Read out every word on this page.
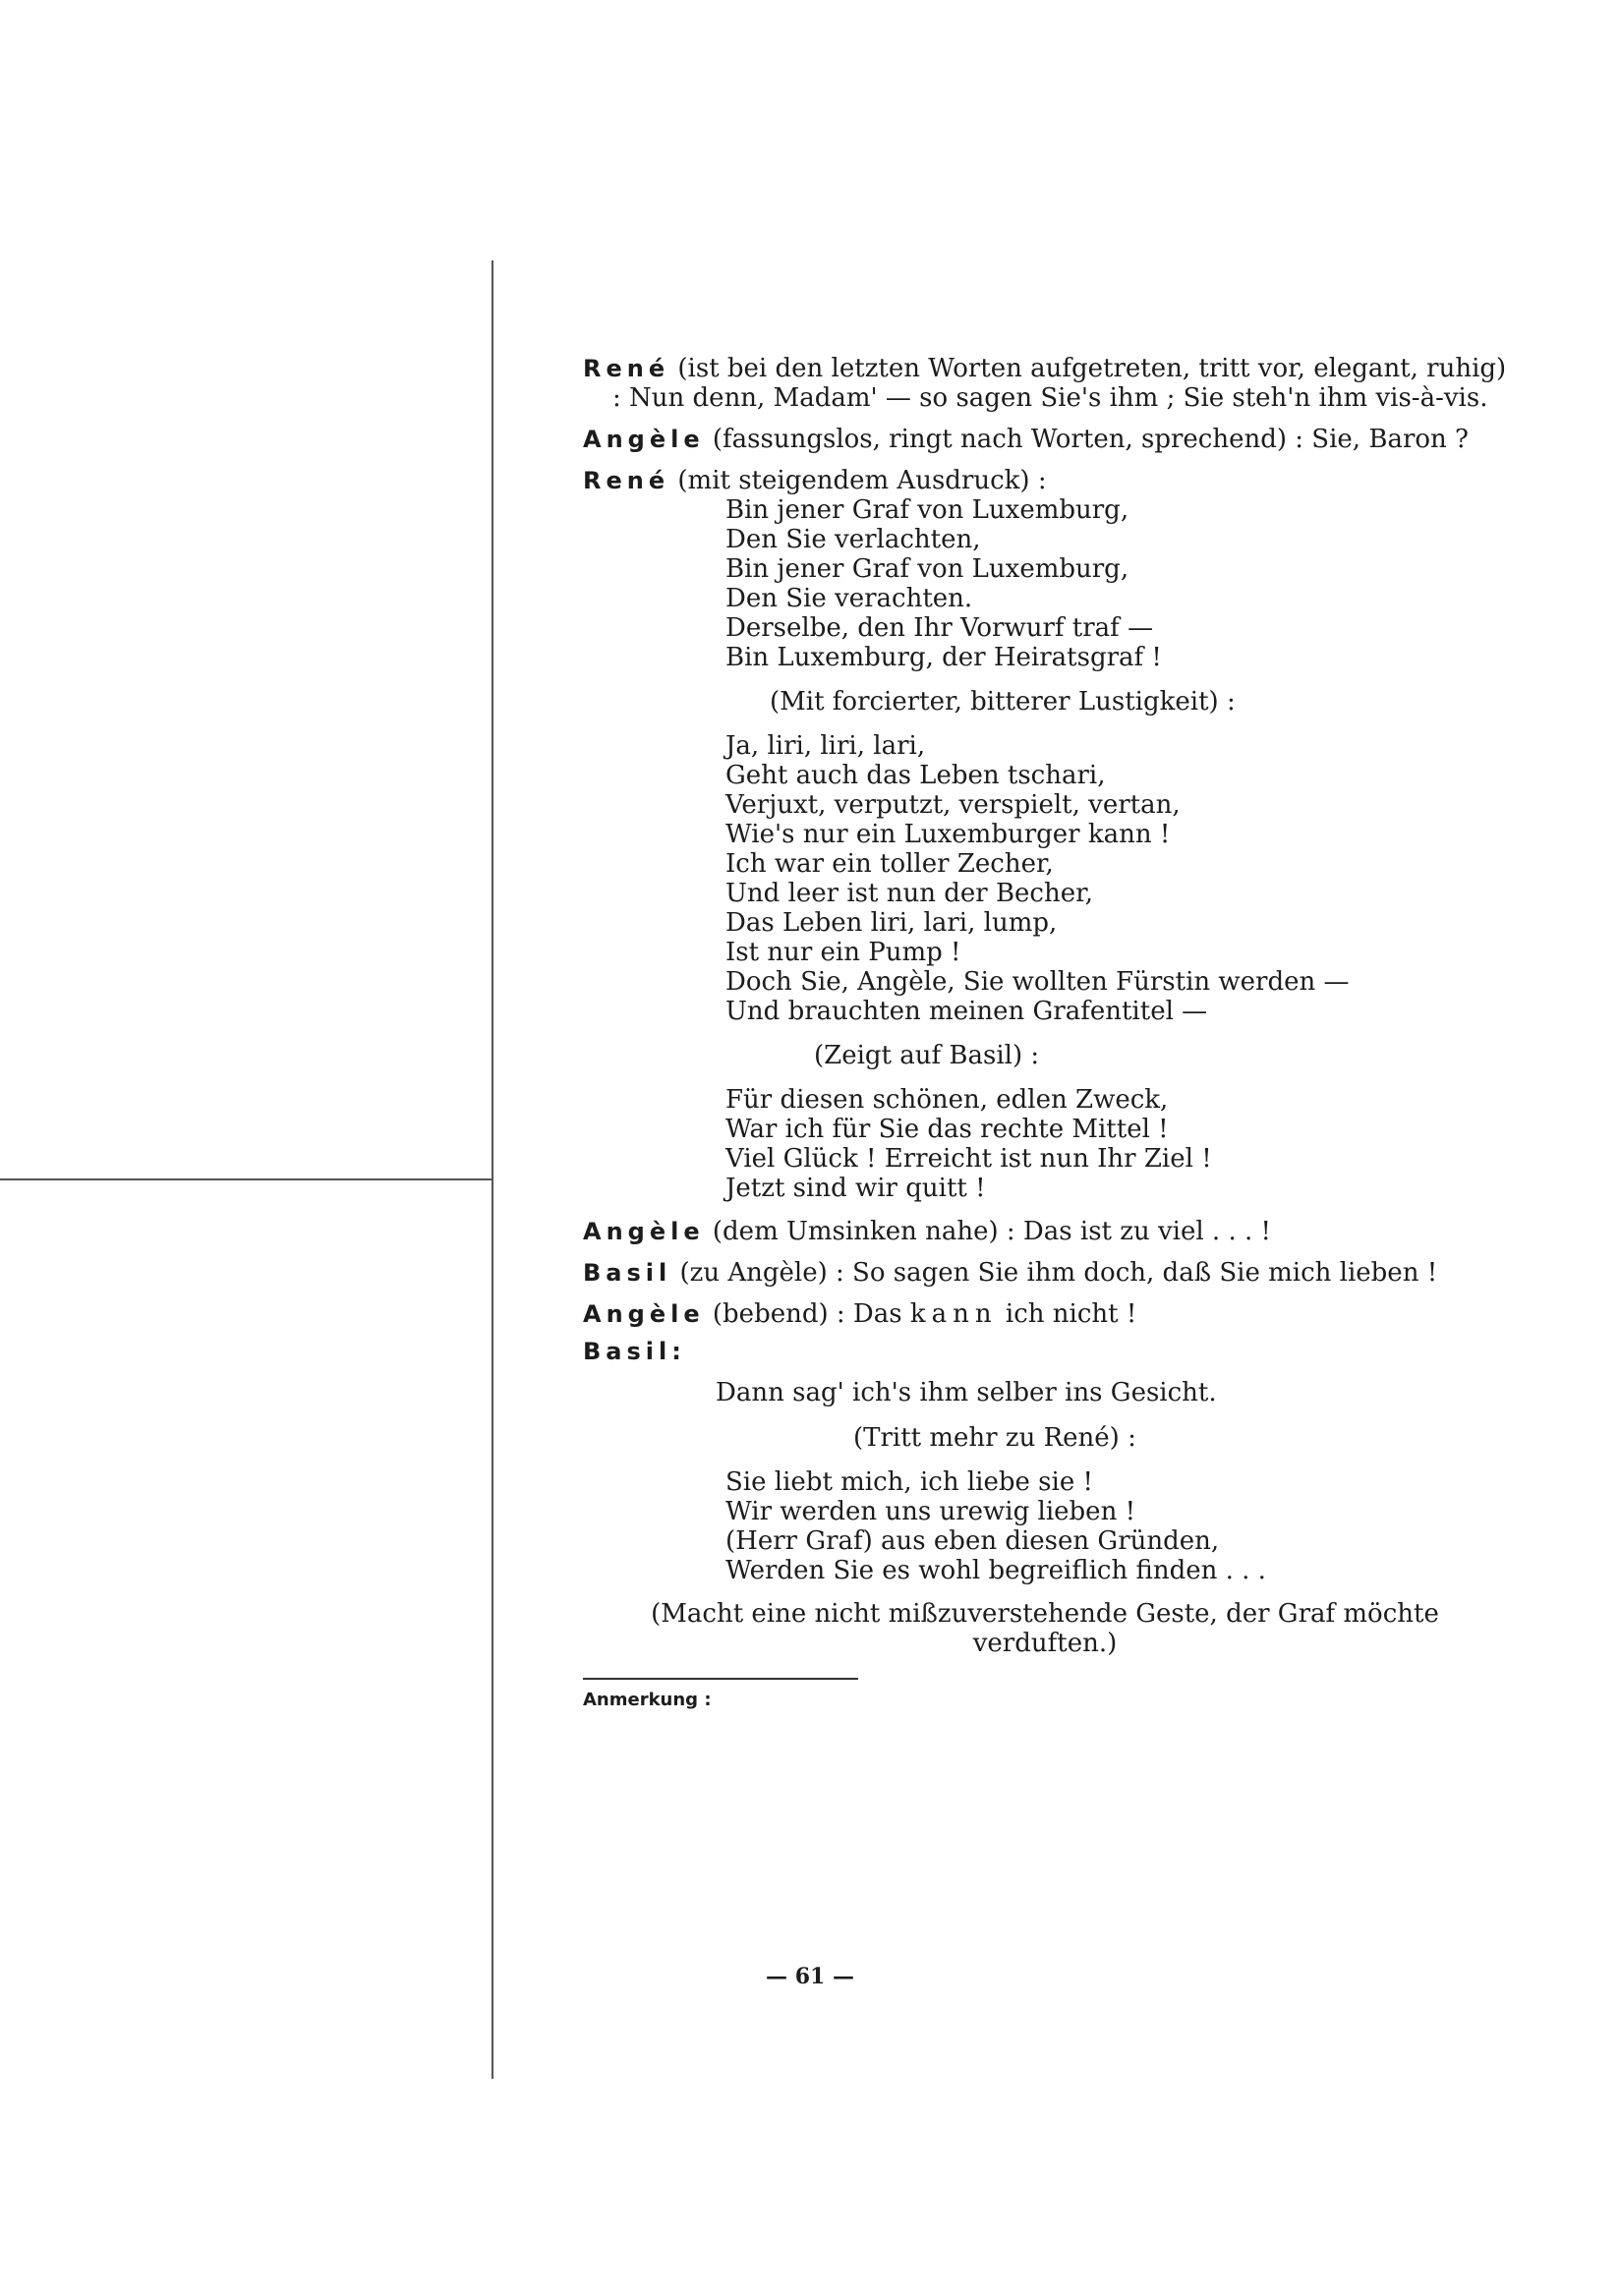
René (ist bei den letzten Worten aufgetreten, tritt vor, elegant, ruhig) : Nun denn, Madam' — so sagen Sie's ihm ; Sie steh'n ihm vis-à-vis.

Angèle (fassungslos, ringt nach Worten, sprechend) : Sie, Baron ?

René (mit steigendem Ausdruck) :

Bin jener Graf von Luxemburg,
Den Sie verlachten,
Bin jener Graf von Luxemburg,
Den Sie verachten.
Derselbe, den Ihr Vorwurf traf —
Bin Luxemburg, der Heiratsgraf !

(Mit forcierter, bitterer Lustigkeit) :

Ja, liri, liri, lari,
Geht auch das Leben tschari,
Verjuxt, verputzt, verspielt, vertan,
Wie's nur ein Luxemburger kann !
Ich war ein toller Zecher,
Und leer ist nun der Becher,
Das Leben liri, lari, lump,
Ist nur ein Pump !
Doch Sie, Angèle, Sie wollten Fürstin werden —
Und brauchten meinen Grafentitel —

(Zeigt auf Basil) :

Für diesen schönen, edlen Zweck,
War ich für Sie das rechte Mittel !
Viel Glück ! Erreicht ist nun Ihr Ziel !
Jetzt sind wir quitt !

Angèle (dem Umsinken nahe) : Das ist zu viel . . . !

Basil (zu Angèle) : So sagen Sie ihm doch, daß Sie mich lieben !

Angèle (bebend) : Das kann ich nicht !

Basil:

Dann sag' ich's ihm selber ins Gesicht.

(Tritt mehr zu René) :

Sie liebt mich, ich liebe sie !
Wir werden uns urewig lieben !
(Herr Graf) aus eben diesen Gründen,
Werden Sie es wohl begreiflich finden . . .

(Macht eine nicht mißzuverstehende Geste, der Graf möchte verduften.)

Anmerkung :
— 61 —
